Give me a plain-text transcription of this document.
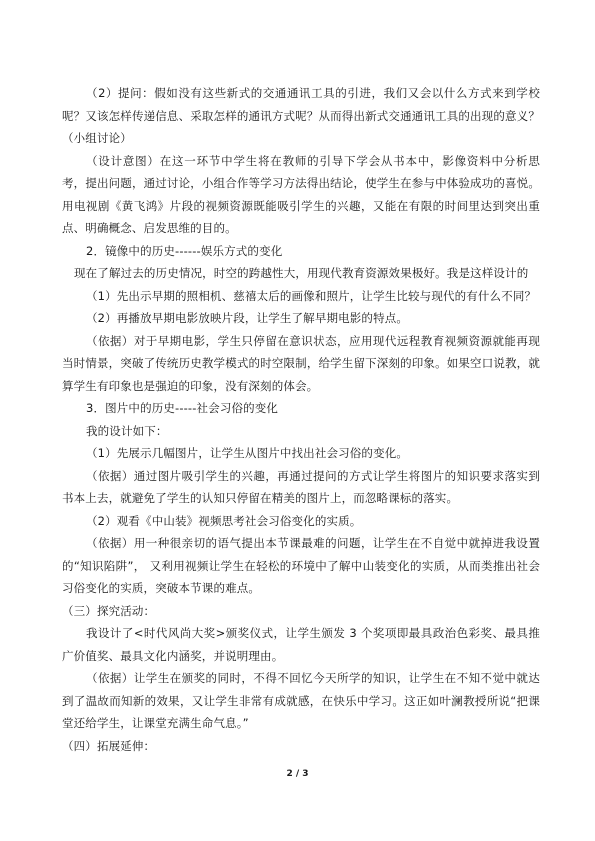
（2）提问：假如没有这些新式的交通通讯工具的引进，我们又会以什么方式来到学校呢？又该怎样传递信息、采取怎样的通讯方式呢？从而得出新式交通通讯工具的出现的意义？（小组讨论）

（设计意图）在这一环节中学生将在教师的引导下学会从书本中，影像资料中分析思考，提出问题，通过讨论，小组合作等学习方法得出结论，使学生在参与中体验成功的喜悦。用电视剧《黄飞鸿》片段的视频资源既能吸引学生的兴趣，又能在有限的时间里达到突出重点、明确概念、启发思维的目的。

2．镜像中的历史------娱乐方式的变化

现在了解过去的历史情况，时空的跨越性大，用现代教育资源效果极好。我是这样设计的

（1）先出示早期的照相机、慈禧太后的画像和照片，让学生比较与现代的有什么不同？

（2）再播放早期电影放映片段，让学生了解早期电影的特点。

（依据）对于早期电影，学生只停留在意识状态，应用现代远程教育视频资源就能再现当时情景，突破了传统历史教学模式的时空限制，给学生留下深刻的印象。如果空口说教，就算学生有印象也是强迫的印象，没有深刻的体会。

3．图片中的历史-----社会习俗的变化

我的设计如下：

（1）先展示几幅图片，让学生从图片中找出社会习俗的变化。

（依据）通过图片吸引学生的兴趣，再通过提问的方式让学生将图片的知识要求落实到书本上去，就避免了学生的认知只停留在精美的图片上，而忽略课标的落实。

（2）观看《中山装》视频思考社会习俗变化的实质。

（依据）用一种很亲切的语气提出本节课最难的问题，让学生在不自觉中就掉进我设置的“知识陷阱”， 又利用视频让学生在轻松的环境中了解中山装变化的实质，从而类推出社会习俗变化的实质，突破本节课的难点。

（三）探究活动：

我设计了<时代风尚大奖>颁奖仪式，让学生颁发 3 个奖项即最具政治色彩奖、最具推广价值奖、最具文化内涵奖，并说明理由。

（依据）让学生在颁奖的同时，不得不回忆今天所学的知识，让学生在不知不觉中就达到了温故而知新的效果，又让学生非常有成就感，在快乐中学习。这正如叶澜教授所说“把课堂还给学生，让课堂充满生命气息。”

（四）拓展延伸：

2 / 3
